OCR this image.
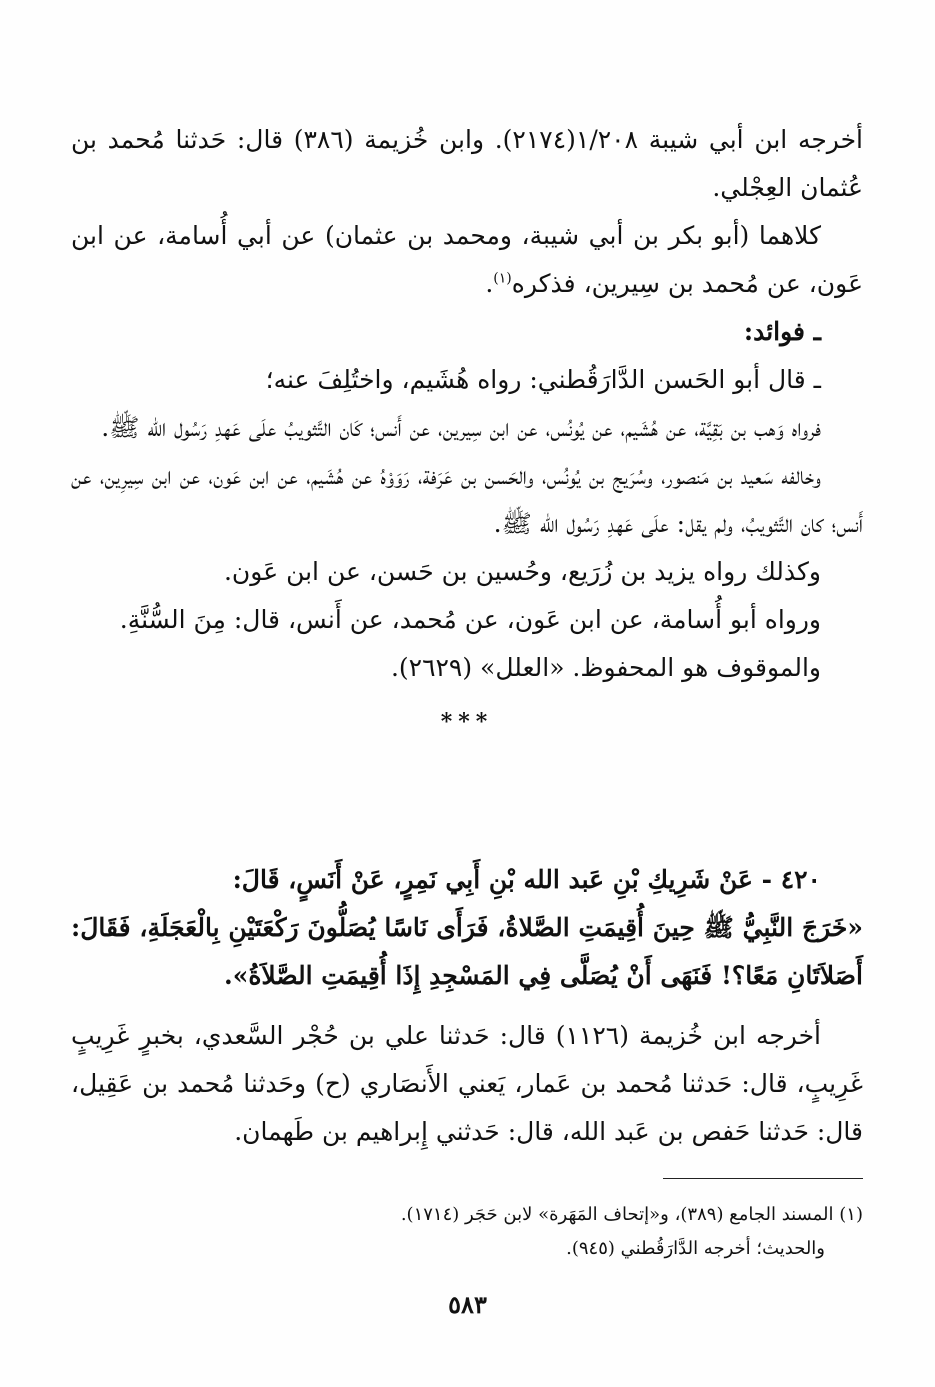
أخرجه ابن أبي شيبة ١/٢٠٨(٢١٧٤). وابن خُزيمة (٣٨٦) قال: حَدثنا مُحمد بن عُثمان العِجْلي.

كلاهما (أبو بكر بن أبي شيبة، ومحمد بن عثمان) عن أبي أُسامة، عن ابن عَون، عن مُحمد بن سِيرين، فذكره$^{(١)}$.

ـ فوائد:

ـ قال أبو الحَسن الدَّارَقُطني: رواه هُشَيم، واختُلِفَ عنه؛

فرواه وَهب بن بَقِيَّة، عن هُشَيم، عن يُونُس، عن ابن سِيرين، عن أَنس؛ كَان التَّثويبُ علَى عَهدِ رَسُول الله ﷺ.

وخالفه سَعيد بن مَنصور، وسُرَيج بن يُونُس، والحَسن بن عَرَفة، رَوَوْهُ عن هُشَيم، عن ابن عَون، عن ابن سِيرِين، عن أَنس؛ كان التَّثويبُ، ولم يقل: علَى عَهدِ رَسُول الله ﷺ.

وكذلك رواه يزيد بن زُرَيع، وحُسين بن حَسن، عن ابن عَون.

ورواه أبو أُسامة، عن ابن عَون، عن مُحمد، عن أَنس، قال: مِنَ السُّنَّةِ.

والموقوف هو المحفوظ. «العلل» (٢٦٢٩).

***

٤٢٠ - عَنْ شَرِيكِ بْنِ عَبد الله بْنِ أَبِي نَمِرٍ، عَنْ أَنَسٍ، قَالَ:

«خَرَجَ النَّبِيُّ ﷺ حِينَ أُقِيمَتِ الصَّلاةُ، فَرَأَى نَاسًا يُصَلُّونَ رَكْعَتَيْنِ بِالْعَجَلَةِ، فَقَالَ: أَصَلاَتَانِ مَعًا؟! فَنَهَى أَنْ يُصَلَّى فِي المَسْجِدِ إِذَا أُقِيمَتِ الصَّلاَةُ».

أخرجه ابن خُزيمة (١١٢٦) قال: حَدثنا علي بن حُجْر السَّعدي، بخبرٍ غَرِيبٍ غَرِيبٍ، قال: حَدثنا مُحمد بن عَمار، يَعني الأَنصَاري (ح) وحَدثنا مُحمد بن عَقِيل، قال: حَدثنا حَفص بن عَبد الله، قال: حَدثني إِبراهيم بن طَهمان.

(١) المسند الجامع (٣٨٩)، و«إتحاف المَهَرة» لابن حَجَر (١٧١٤).

والحديث؛ أخرجه الدَّارَقُطني (٩٤٥).

٥٨٣
